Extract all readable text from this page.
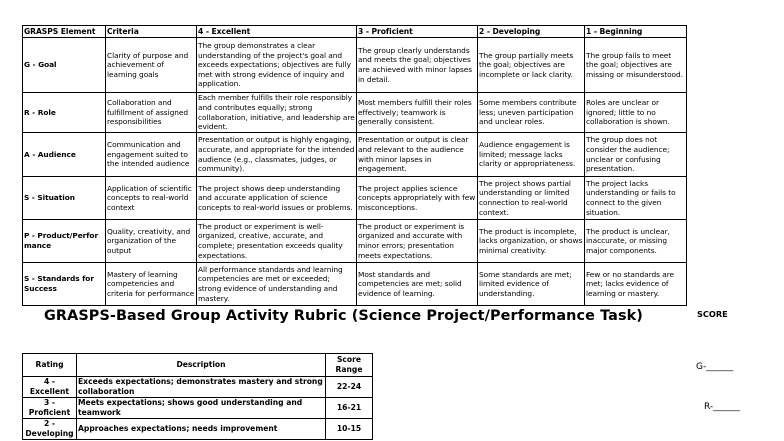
GRASPS Element	Criteria	4 - Excellent	3 - Proficient	2 - Developing	1 - Beginning
G - Goal	Clarity of purpose and achievement of learning goals	The group demonstrates a clear understanding of the project's goal and exceeds expectations; objectives are fully met with strong evidence of inquiry and application.	The group clearly understands and meets the goal; objectives are achieved with minor lapses in detail.	The group partially meets the goal; objectives are incomplete or lack clarity.	The group fails to meet the goal; objectives are missing or misunderstood.
R - Role	Collaboration and fulfillment of assigned responsibilities	Each member fulfills their role responsibly and contributes equally; strong collaboration, initiative, and leadership are evident.	Most members fulfill their roles effectively; teamwork is generally consistent.	Some members contribute less; uneven participation and unclear roles.	Roles are unclear or ignored; little to no collaboration is shown.
A - Audience	Communication and engagement suited to the intended audience	Presentation or output is highly engaging, accurate, and appropriate for the intended audience (e.g., classmates, judges, or community).	Presentation or output is clear and relevant to the audience with minor lapses in engagement.	Audience engagement is limited; message lacks clarity or appropriateness.	The group does not consider the audience; unclear or confusing presentation.
S - Situation	Application of scientific concepts to real-world context	The project shows deep understanding and accurate application of science concepts to real-world issues or problems.	The project applies science concepts appropriately with few misconceptions.	The project shows partial understanding or limited connection to real-world context.	The project lacks understanding or fails to connect to the given situation.
P - Product/Performance	Quality, creativity, and organization of the output	The product or experiment is well-organized, creative, accurate, and complete; presentation exceeds quality expectations.	The product or experiment is organized and accurate with minor errors; presentation meets expectations.	The product is incomplete, lacks organization, or shows minimal creativity.	The product is unclear, inaccurate, or missing major components.
S - Standards for Success	Mastery of learning competencies and criteria for performance	All performance standards and learning competencies are met or exceeded; strong evidence of understanding and mastery.	Most standards and competencies are met; solid evidence of learning.	Some standards are met; limited evidence of understanding.	Few or no standards are met; lacks evidence of learning or mastery.
GRASPS-Based Group Activity Rubric (Science Project/Performance Task)	SCORE
G-______
R-______
Rating	Description	Score Range
4 - Excellent	Exceeds expectations; demonstrates mastery and strong collaboration	22-24
3 - Proficient	Meets expectations; shows good understanding and teamwork	16-21
2 - Developing	Approaches expectations; needs improvement	10-15
